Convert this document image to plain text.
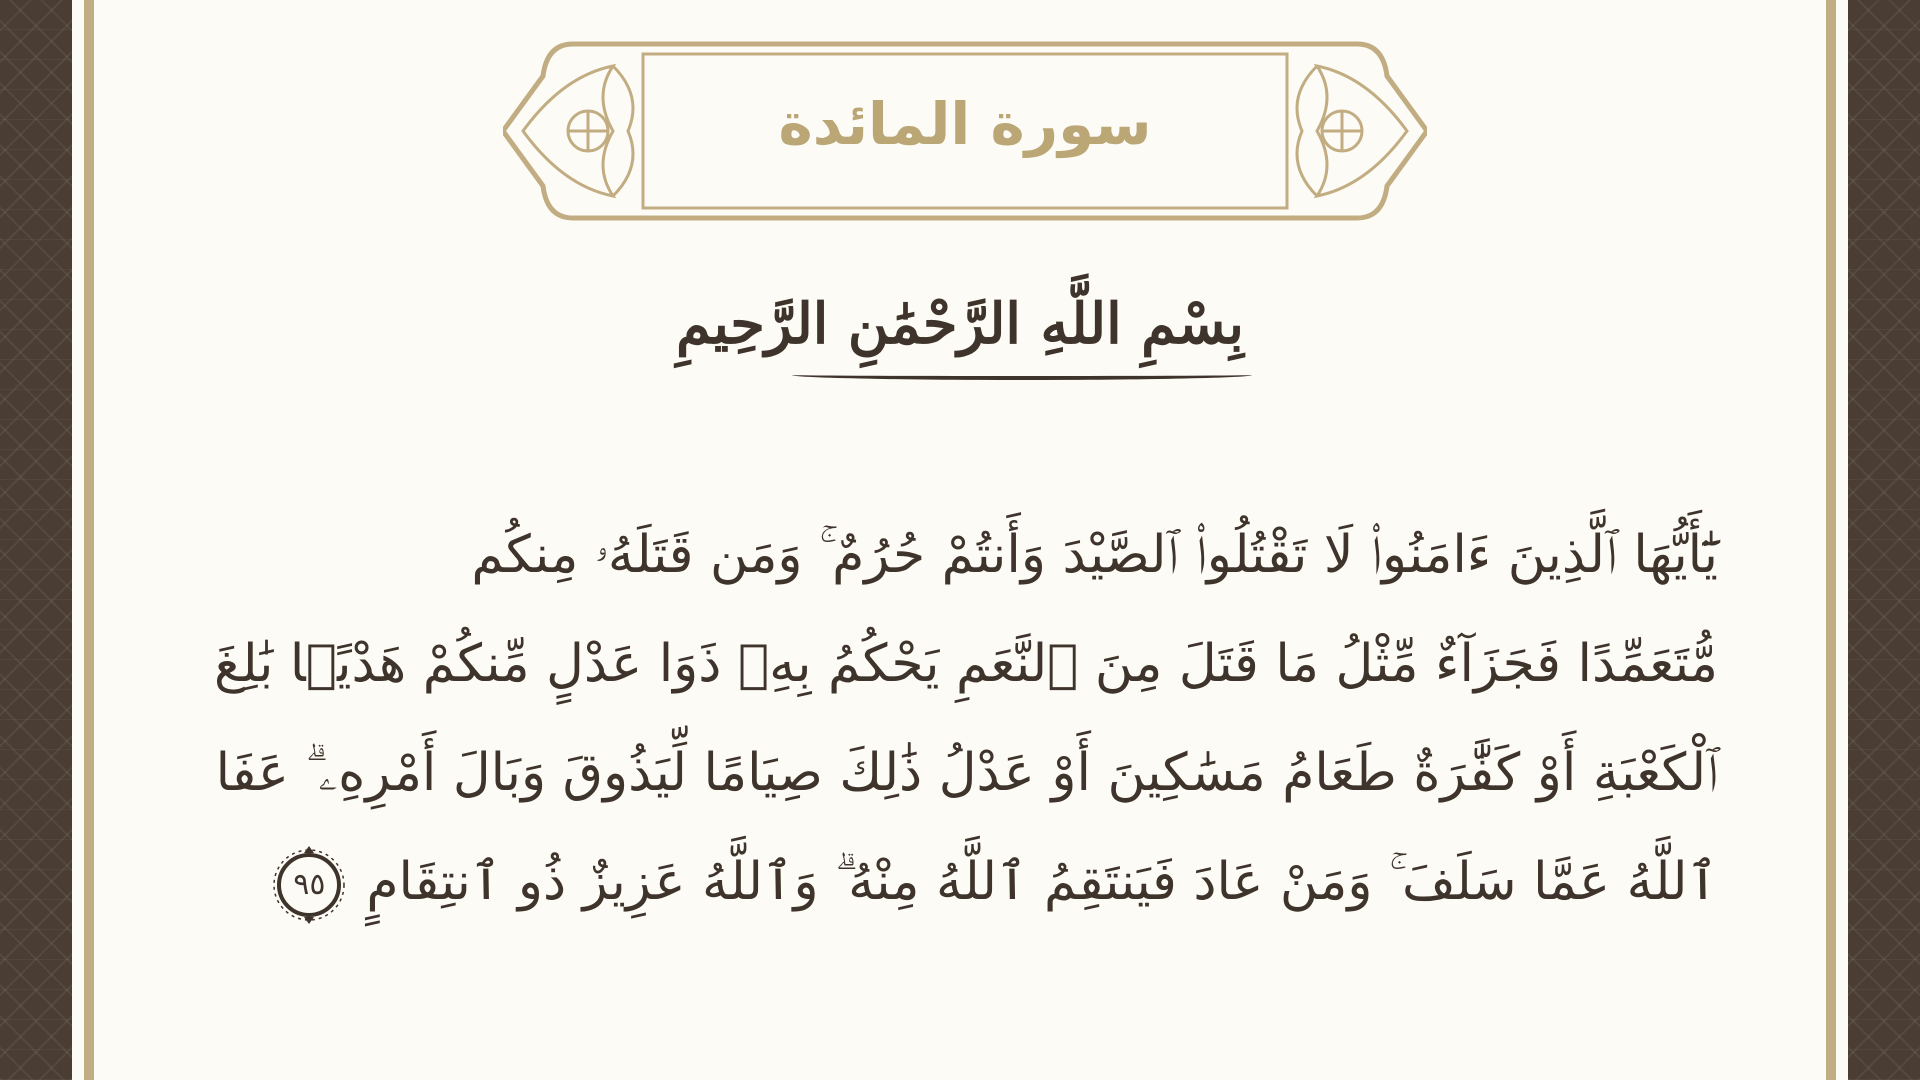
سورة المائدة
بِسْمِ اللَّهِ الرَّحْمَٰنِ الرَّحِيمِ
يَٰٓأَيُّهَا ٱلَّذِينَ ءَامَنُوا۟ لَا تَقْتُلُوا۟ ٱلصَّيْدَ وَأَنتُمْ حُرُمٌ ۚ وَمَن قَتَلَهُۥ مِنكُم
مُّتَعَمِّدًا فَجَزَآءٌ مِّثْلُ مَا قَتَلَ مِنَ ٱلنَّعَمِ يَحْكُمُ بِهِۦ ذَوَا عَدْلٍ مِّنكُمْ هَدْيًۢا بَٰلِغَ
ٱلْكَعْبَةِ أَوْ كَفَّٰرَةٌ طَعَامُ مَسَٰكِينَ أَوْ عَدْلُ ذَٰلِكَ صِيَامًا لِّيَذُوقَ وَبَالَ أَمْرِهِۦ ۗ عَفَا
ٱللَّهُ عَمَّا سَلَفَ ۚ وَمَنْ عَادَ فَيَنتَقِمُ ٱللَّهُ مِنْهُ ۗ وَٱللَّهُ عَزِيزٌ ذُو ٱنتِقَامٍ
٩٥
